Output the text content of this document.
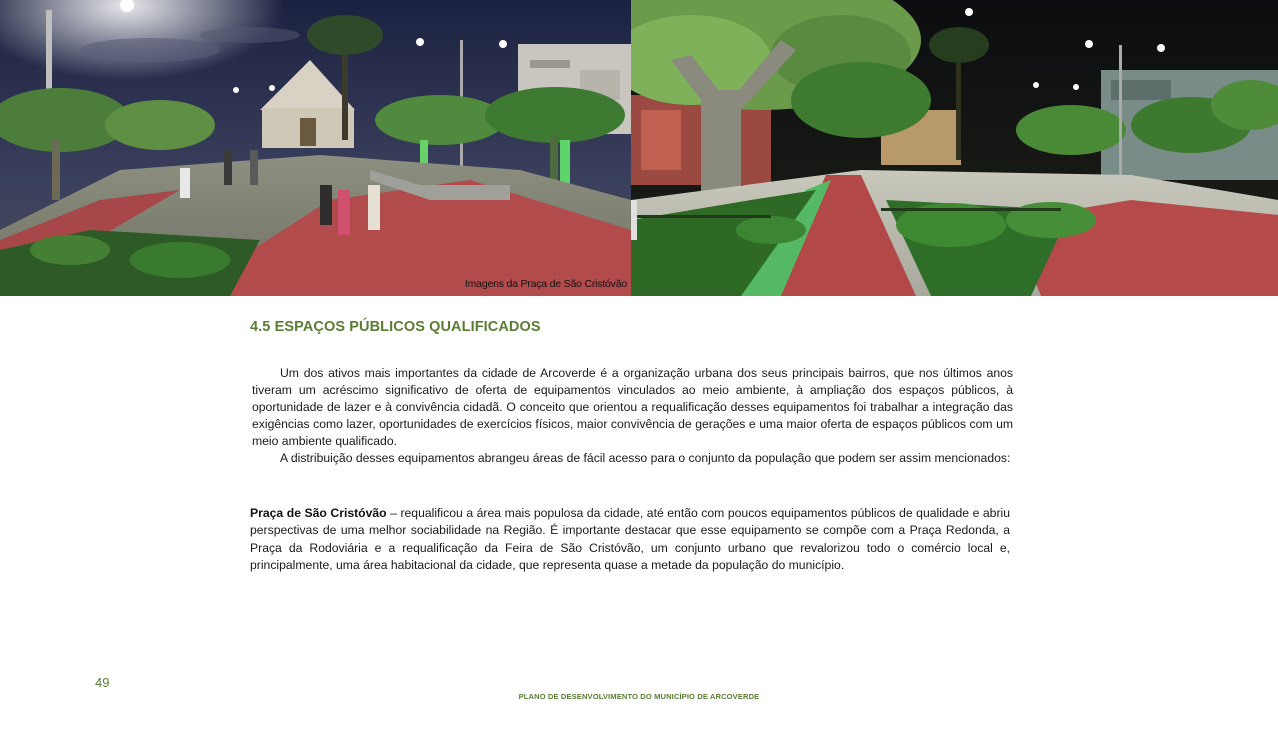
Imagens da Praça de São Cristóvão
4.5 ESPAÇOS PÚBLICOS QUALIFICADOS

Um dos ativos mais importantes da cidade de Arcoverde é a organização urbana dos seus principais bairros, que nos últimos anos tiveram um acréscimo significativo de oferta de equipamentos vinculados ao meio ambiente, à ampliação dos espaços públicos, à oportunidade de lazer e à convivência cidadã. O conceito que orientou a requalificação desses equipamentos foi trabalhar a integração das exigências como lazer, oportunidades de exercícios físicos, maior convivência de gerações e uma maior oferta de espaços públicos com um meio ambiente qualificado.

A distribuição desses equipamentos abrangeu áreas de fácil acesso para o conjunto da população que podem ser assim mencionados:

Praça de São Cristóvão – requalificou a área mais populosa da cidade, até então com poucos equipamentos públicos de qualidade e abriu perspectivas de uma melhor sociabilidade na Região. É importante destacar que esse equipamento se compõe com a Praça Redonda, a Praça da Rodoviária e a requalificação da Feira de São Cristóvão, um conjunto urbano que revalorizou todo o comércio local e, principalmente, uma área habitacional da cidade, que representa quase a metade da população do município.
49
PLANO DE DESENVOLVIMENTO DO MUNICÍPIO DE ARCOVERDE
